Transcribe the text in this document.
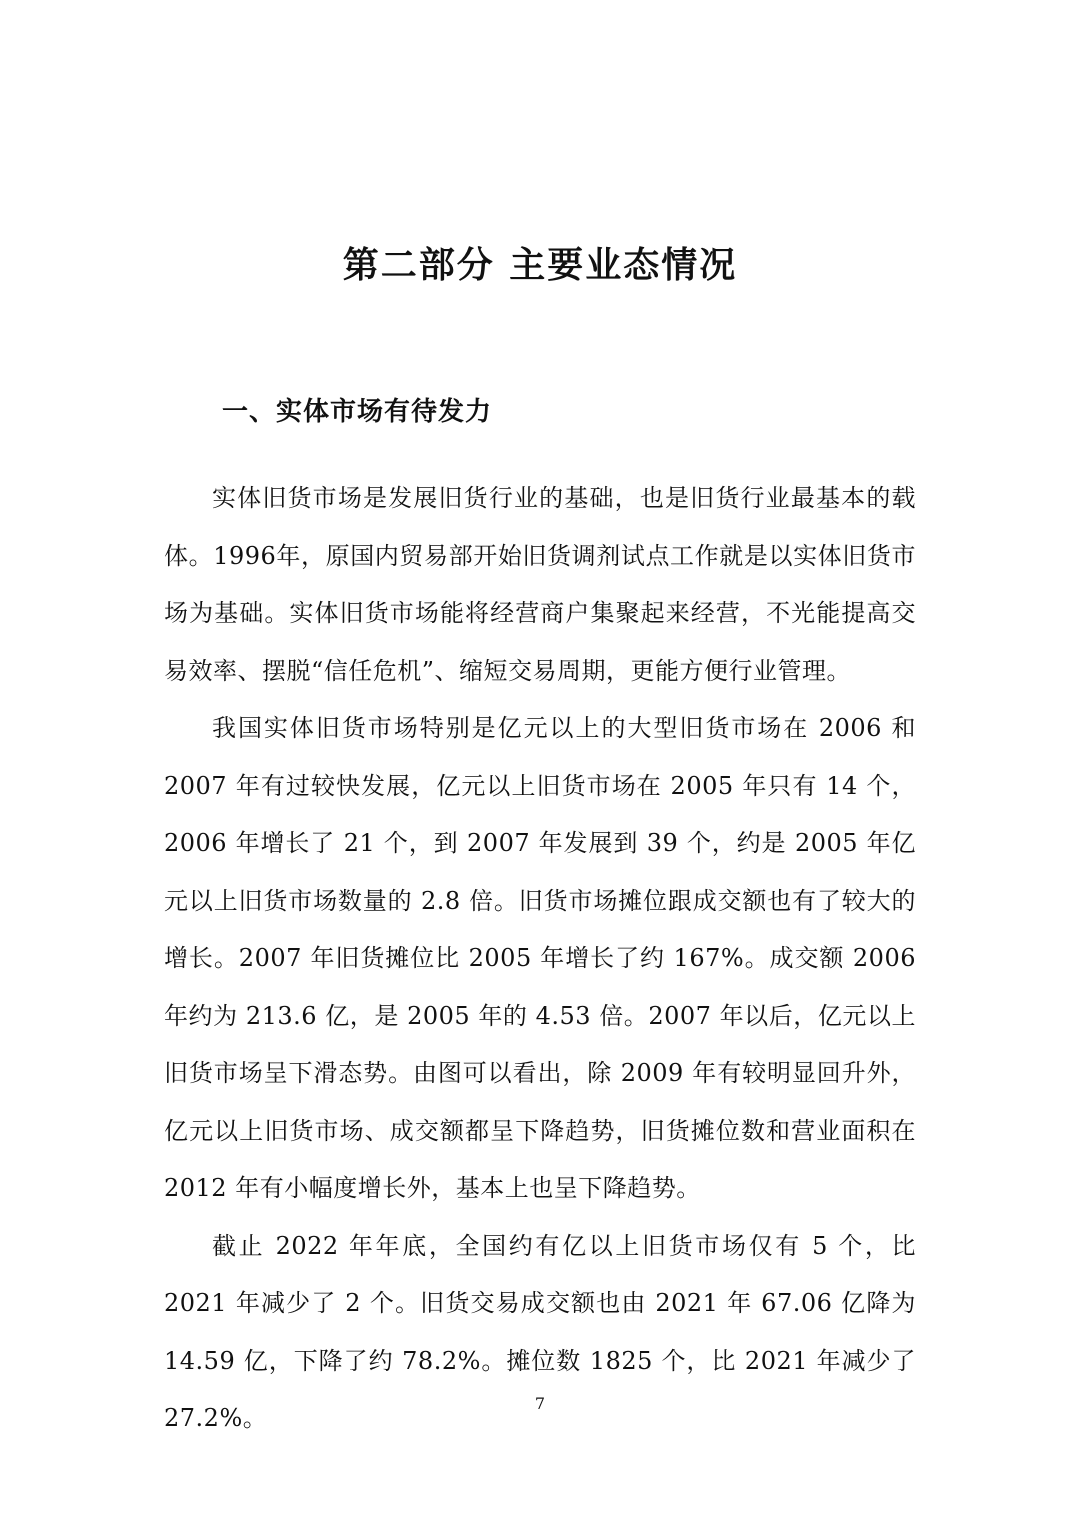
第二部分 主要业态情况
一、实体市场有待发力

实体旧货市场是发展旧货行业的基础，也是旧货行业最基本的载体。1996年，原国内贸易部开始旧货调剂试点工作就是以实体旧货市场为基础。实体旧货市场能将经营商户集聚起来经营，不光能提高交易效率、摆脱“信任危机”、缩短交易周期，更能方便行业管理。

我国实体旧货市场特别是亿元以上的大型旧货市场在 2006 和 2007 年有过较快发展，亿元以上旧货市场在 2005 年只有 14 个，2006 年增长了 21 个，到 2007 年发展到 39 个，约是 2005 年亿元以上旧货市场数量的 2.8 倍。旧货市场摊位跟成交额也有了较大的增长。2007 年旧货摊位比 2005 年增长了约 167%。成交额 2006 年约为 213.6 亿，是 2005 年的 4.53 倍。2007 年以后，亿元以上旧货市场呈下滑态势。由图可以看出，除 2009 年有较明显回升外，亿元以上旧货市场、成交额都呈下降趋势，旧货摊位数和营业面积在 2012 年有小幅度增长外，基本上也呈下降趋势。

截止 2022 年年底，全国约有亿以上旧货市场仅有 5 个，比 2021 年减少了 2 个。旧货交易成交额也由 2021 年 67.06 亿降为 14.59 亿，下降了约 78.2%。摊位数 1825 个，比 2021 年减少了 27.2%。

7
